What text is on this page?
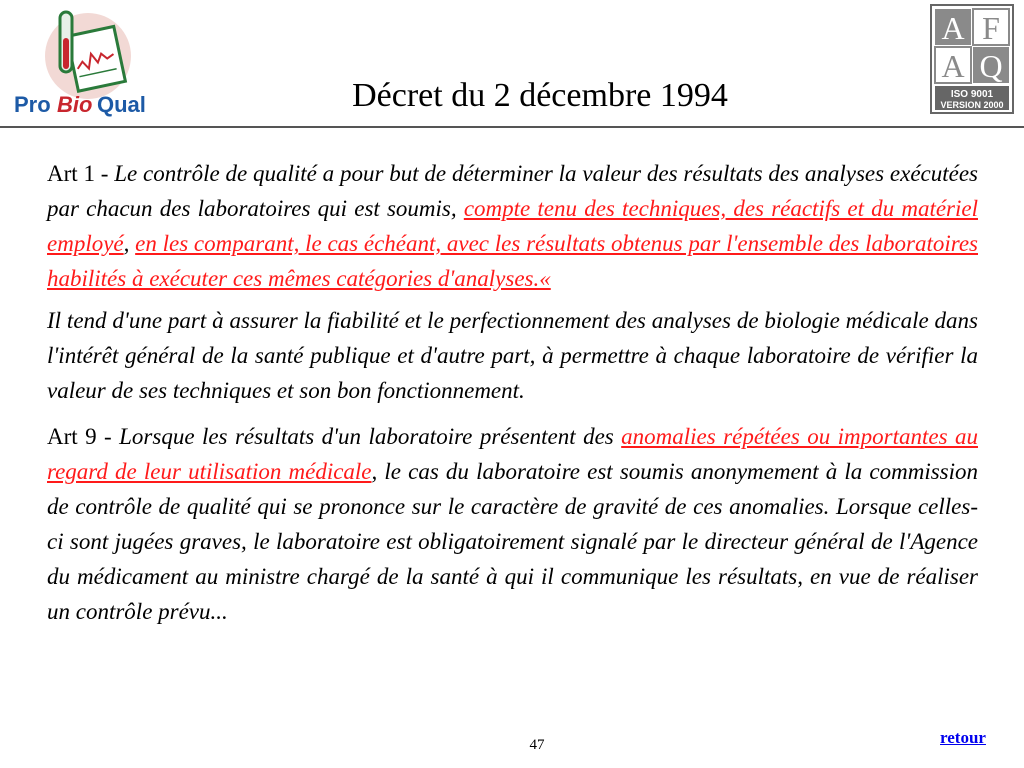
Pro Bio Qual	Décret du 2 décembre 1994
A F
A Q
ISO 9001
VERSION 2000

Art 1 - Le contrôle de qualité a pour but de déterminer la valeur des résultats des analyses exécutées par chacun des laboratoires qui est soumis, compte tenu des techniques, des réactifs et du matériel employé, en les comparant, le cas échéant, avec les résultats obtenus par l'ensemble des laboratoires habilités à exécuter ces mêmes catégories d'analyses.«

Il tend d'une part à assurer la fiabilité et le perfectionnement des analyses de biologie médicale dans l'intérêt général de la santé publique et d'autre part, à permettre à chaque laboratoire de vérifier la valeur de ses techniques et son bon fonctionnement.

Art 9 - Lorsque les résultats d'un laboratoire présentent des anomalies répétées ou importantes au regard de leur utilisation médicale, le cas du laboratoire est soumis anonymement à la commission de contrôle de qualité qui se prononce sur le caractère de gravité de ces anomalies. Lorsque celles-ci sont jugées graves, le laboratoire est obligatoirement signalé par le directeur général de l'Agence du médicament au ministre chargé de la santé à qui il communique les résultats, en vue de réaliser un contrôle prévu...

47	retour
